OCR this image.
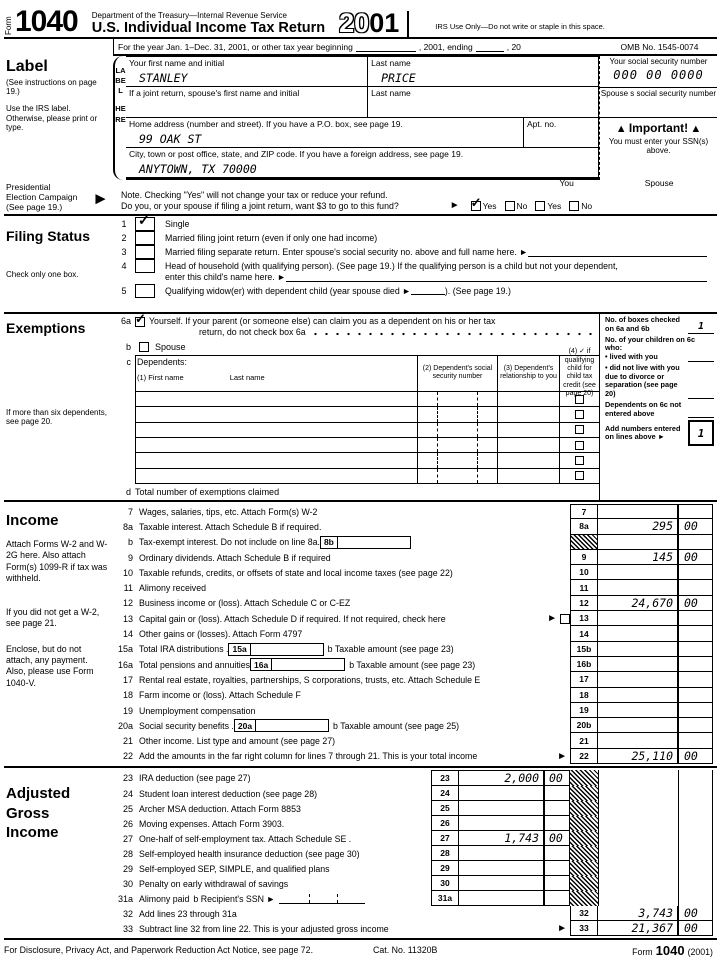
Form 1040 Department of the Treasury—Internal Revenue Service
U.S. Individual Income Tax Return 2001	IRS Use Only—Do not write or staple in this space.
For the year Jan. 1–Dec. 31, 2001, or other tax year beginning	, 2001, ending	, 20	OMB No. 1545-0074
Label
(See instructions on page 19.)
Use the IRS label. Otherwise, please print or type.
LABEL
HERE
Your first name and initial
STANLEY
Last name
PRICE
If a joint return, spouse's first name and initial	Last name
Home address (number and street). If you have a P.O. box, see page 19.
99 OAK ST
Apt. no.
City, town or post office, state, and ZIP code. If you have a foreign address, see page 19.
ANYTOWN, TX 70000
Your social security number
000 00 0000
Spouse s social security number
▲ Important! ▲
You must enter your SSN(s) above.
Presidential
Election Campaign
(See page 19.)	►
You	Spouse
Note. Checking "Yes" will not change your tax or reduce your refund.
Do you, or your spouse if filing a joint return, want $3 to go to this fund?	► ✓ Yes No Yes No
Filing Status
Check only one box.
1 ✓ Single
2	Married filing joint return (even if only one had income)
3	Married filing separate return. Enter spouse's social security no. above and full name here. ►
4	Head of household (with qualifying person). (See page 19.) If the qualifying person is a child but not your dependent,
enter this child's name here. ►
5	Qualifying widow(er) with dependent child (year spouse died ►	). (See page 19.)
Exemptions
If more than six dependents, see page 20.
6a ✓ Yourself. If your parent (or someone else) can claim you as a dependent on his or her tax
return, do not check box 6a
b	Spouse
c Dependents:
(1) First name	Last name
(2) Dependent's social security number
(3) Dependent's relationship to you
(4) ✓ if qualifying child for child tax credit (see page 20)
d Total number of exemptions claimed
No. of boxes checked on 6a and 6b	1
No. of your children on 6c who:
• lived with you
• did not live with you due to divorce or separation (see page 20)
Dependents on 6c not entered above
Add numbers entered on lines above ►	1
Income
Attach Forms W-2 and W-2G here. Also attach Form(s) 1099-R if tax was withheld.
If you did not get a W-2, see page 21.
Enclose, but do not attach, any payment. Also, please use Form 1040-V.
7 Wages, salaries, tips, etc. Attach Form(s) W-2	7
8a Taxable interest. Attach Schedule B if required.	8a	295 00
b Tax-exempt interest. Do not include on line 8a. 8b
9 Ordinary dividends. Attach Schedule B if required	9	145 00
10 Taxable refunds, credits, or offsets of state and local income taxes (see page 22)	10
11 Alimony received	11
12 Business income or (loss). Attach Schedule C or C-EZ	12	24,670 00
13 Capital gain or (loss). Attach Schedule D if required. If not required, check here	►	13
14 Other gains or (losses). Attach Form 4797	14
15a Total IRA distributions . 15a	b Taxable amount (see page 23)	15b
16a Total pensions and annuities 16a	b Taxable amount (see page 23)	16b
17 Rental real estate, royalties, partnerships, S corporations, trusts, etc. Attach Schedule E	17
18 Farm income or (loss). Attach Schedule F	18
19 Unemployment compensation	19
20a Social security benefits . 20a	b Taxable amount (see page 25)	20b
21 Other income. List type and amount (see page 27)	21
22 Add the amounts in the far right column for lines 7 through 21. This is your total income	►	22	25,110 00
Adjusted Gross Income
23 IRA deduction (see page 27)	23	2,000 00
24 Student loan interest deduction (see page 28)	24
25 Archer MSA deduction. Attach Form 8853	25
26 Moving expenses. Attach Form 3903.	26
27 One-half of self-employment tax. Attach Schedule SE .	27	1,743 00
28 Self-employed health insurance deduction (see page 30)	28
29 Self-employed SEP, SIMPLE, and qualified plans	29
30 Penalty on early withdrawal of savings	30
31a Alimony paid b Recipient's SSN ►	31a
32 Add lines 23 through 31a	32	3,743 00
33 Subtract line 32 from line 22. This is your adjusted gross income	►	33	21,367 00
For Disclosure, Privacy Act, and Paperwork Reduction Act Notice, see page 72.	Cat. No. 11320B	Form 1040 (2001)
